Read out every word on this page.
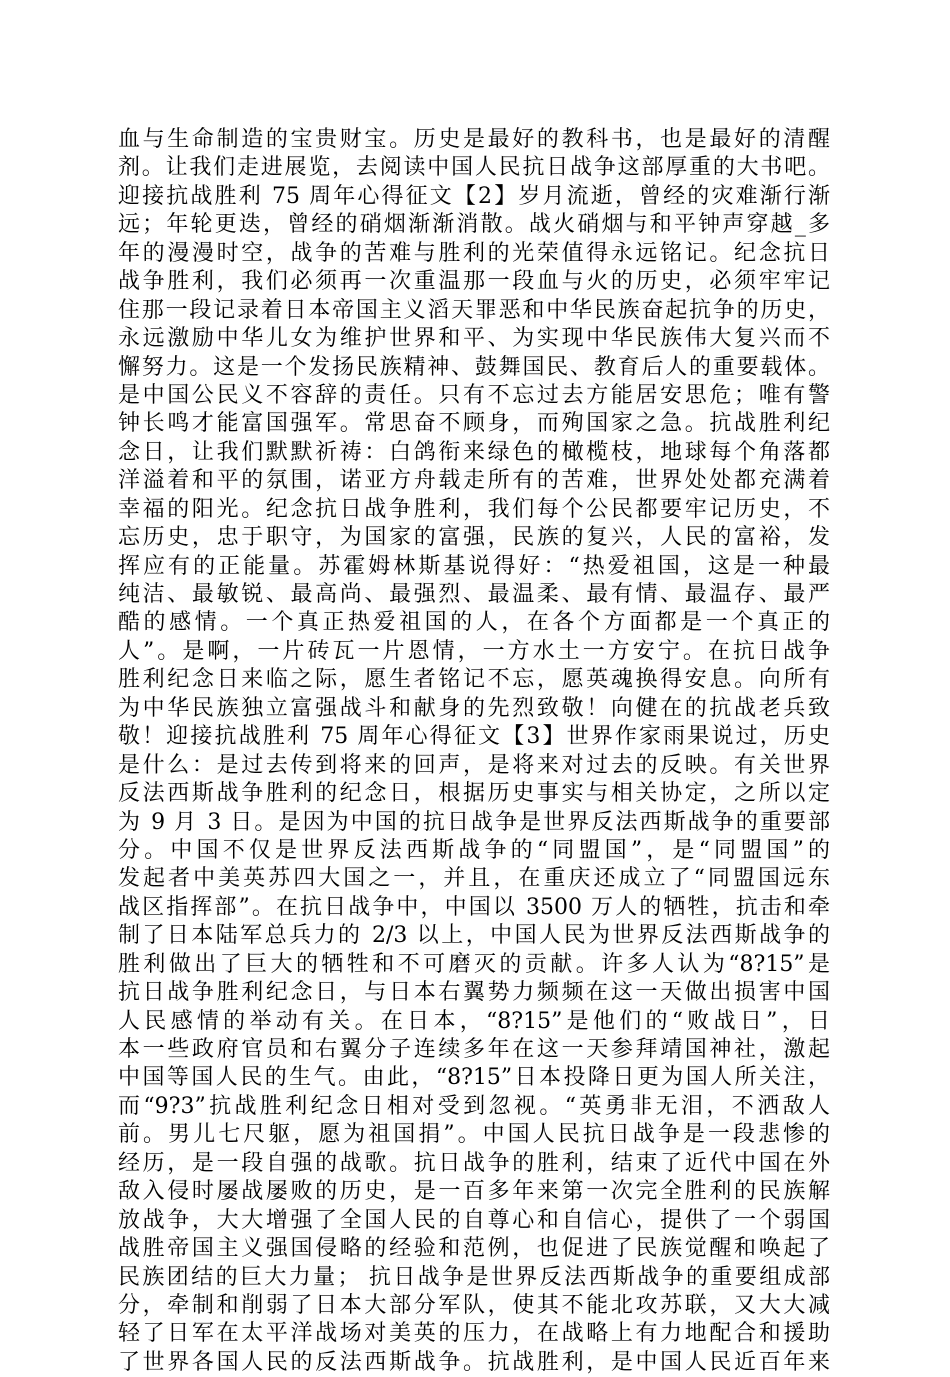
血与生命制造的宝贵财宝。历史是最好的教科书，也是最好的清醒
剂。让我们走进展览，去阅读中国人民抗日战争这部厚重的大书吧。
迎接抗战胜利 75 周年心得征文【2】岁月流逝，曾经的灾难渐行渐
远；年轮更迭，曾经的硝烟渐渐消散。战火硝烟与和平钟声穿越_多
年的漫漫时空，战争的苦难与胜利的光荣值得永远铭记。纪念抗日
战争胜利，我们必须再一次重温那一段血与火的历史，必须牢牢记
住那一段记录着日本帝国主义滔天罪恶和中华民族奋起抗争的历史，
永远激励中华儿女为维护世界和平、为实现中华民族伟大复兴而不
懈努力。这是一个发扬民族精神、鼓舞国民、教育后人的重要载体。
是中国公民义不容辞的责任。只有不忘过去方能居安思危；唯有警
钟长鸣才能富国强军。常思奋不顾身，而殉国家之急。抗战胜利纪
念日，让我们默默祈祷：白鸽衔来绿色的橄榄枝，地球每个角落都
洋溢着和平的氛围，诺亚方舟载走所有的苦难，世界处处都充满着
幸福的阳光。纪念抗日战争胜利，我们每个公民都要牢记历史，不
忘历史，忠于职守，为国家的富强，民族的复兴，人民的富裕，发
挥应有的正能量。苏霍姆林斯基说得好：“热爱祖国，这是一种最
纯洁、最敏锐、最高尚、最强烈、最温柔、最有情、最温存、最严
酷的感情。一个真正热爱祖国的人，在各个方面都是一个真正的
人”。是啊，一片砖瓦一片恩情，一方水土一方安宁。在抗日战争
胜利纪念日来临之际，愿生者铭记不忘，愿英魂换得安息。向所有
为中华民族独立富强战斗和献身的先烈致敬！向健在的抗战老兵致
敬！迎接抗战胜利 75 周年心得征文【3】世界作家雨果说过，历史
是什么：是过去传到将来的回声，是将来对过去的反映。有关世界
反法西斯战争胜利的纪念日，根据历史事实与相关协定，之所以定
为 9 月 3 日。是因为中国的抗日战争是世界反法西斯战争的重要部
分。中国不仅是世界反法西斯战争的“同盟国”，是“同盟国”的
发起者中美英苏四大国之一，并且，在重庆还成立了“同盟国远东
战区指挥部”。在抗日战争中，中国以 3500 万人的牺牲，抗击和牵
制了日本陆军总兵力的 2/3 以上，中国人民为世界反法西斯战争的
胜利做出了巨大的牺牲和不可磨灭的贡献。许多人认为“8?15”是
抗日战争胜利纪念日，与日本右翼势力频频在这一天做出损害中国
人民感情的举动有关。在日本，“8?15”是他们的“败战日”，日
本一些政府官员和右翼分子连续多年在这一天参拜靖国神社，激起
中国等国人民的生气。由此，“8?15”日本投降日更为国人所关注，
而“9?3”抗战胜利纪念日相对受到忽视。“英勇非无泪，不洒敌人
前。男儿七尺躯，愿为祖国捐”。中国人民抗日战争是一段悲惨的
经历，是一段自强的战歌。抗日战争的胜利，结束了近代中国在外
敌入侵时屡战屡败的历史，是一百多年来第一次完全胜利的民族解
放战争，大大增强了全国人民的自尊心和自信心，提供了一个弱国
战胜帝国主义强国侵略的经验和范例，也促进了民族觉醒和唤起了
民族团结的巨大力量； 抗日战争是世界反法西斯战争的重要组成部
分，牵制和削弱了日本大部分军队，使其不能北攻苏联，又大大减
轻了日军在太平洋战场对美英的压力，在战略上有力地配合和援助
了世界各国人民的反法西斯战争。抗战胜利，是中国人民近百年来
